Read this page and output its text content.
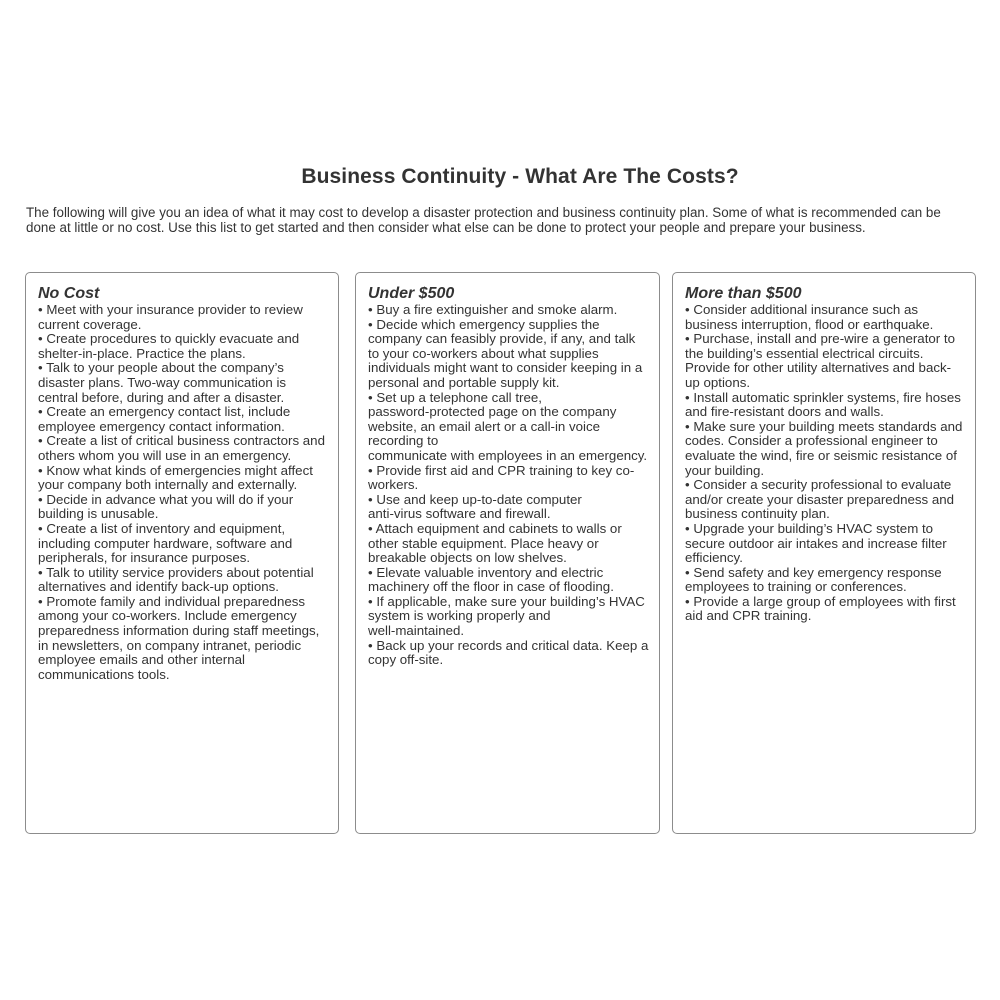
Business Continuity - What Are The Costs?
The following will give you an idea of what it may cost to develop a disaster protection and business continuity plan. Some of what is recommended can be done at little or no cost. Use this list to get started and then consider what else can be done to protect your people and prepare your business.
No Cost
• Meet with your insurance provider to review current coverage.
• Create procedures to quickly evacuate and shelter-in-place. Practice the plans.
• Talk to your people about the company’s disaster plans. Two-way communication is central before, during and after a disaster.
• Create an emergency contact list, include employee emergency contact information.
• Create a list of critical business contractors and others whom you will use in an emergency.
• Know what kinds of emergencies might affect your company both internally and externally.
• Decide in advance what you will do if your building is unusable.
• Create a list of inventory and equipment, including computer hardware, software and peripherals, for insurance purposes.
• Talk to utility service providers about potential alternatives and identify back-up options.
• Promote family and individual preparedness among your co-workers. Include emergency preparedness information during staff meetings, in newsletters, on company intranet, periodic employee emails and other internal communications tools.
Under $500
• Buy a fire extinguisher and smoke alarm.
• Decide which emergency supplies the company can feasibly provide, if any, and talk to your co-workers about what supplies individuals might want to consider keeping in a personal and portable supply kit.
• Set up a telephone call tree,
password-protected page on the company website, an email alert or a call-in voice recording to
communicate with employees in an emergency.
• Provide first aid and CPR training to key co-workers.
• Use and keep up-to-date computer
anti-virus software and firewall.
• Attach equipment and cabinets to walls or other stable equipment. Place heavy or breakable objects on low shelves.
• Elevate valuable inventory and electric machinery off the floor in case of flooding.
• If applicable, make sure your building’s HVAC system is working properly and
well-maintained.
• Back up your records and critical data. Keep a copy off-site.
More than $500
• Consider additional insurance such as business interruption, flood or earthquake.
• Purchase, install and pre-wire a generator to the building’s essential electrical circuits. Provide for other utility alternatives and back-up options.
• Install automatic sprinkler systems, fire hoses and fire-resistant doors and walls.
• Make sure your building meets standards and codes. Consider a professional engineer to evaluate the wind, fire or seismic resistance of your building.
• Consider a security professional to evaluate and/or create your disaster preparedness and business continuity plan.
• Upgrade your building’s HVAC system to secure outdoor air intakes and increase filter efficiency.
• Send safety and key emergency response employees to training or conferences.
• Provide a large group of employees with first aid and CPR training.
